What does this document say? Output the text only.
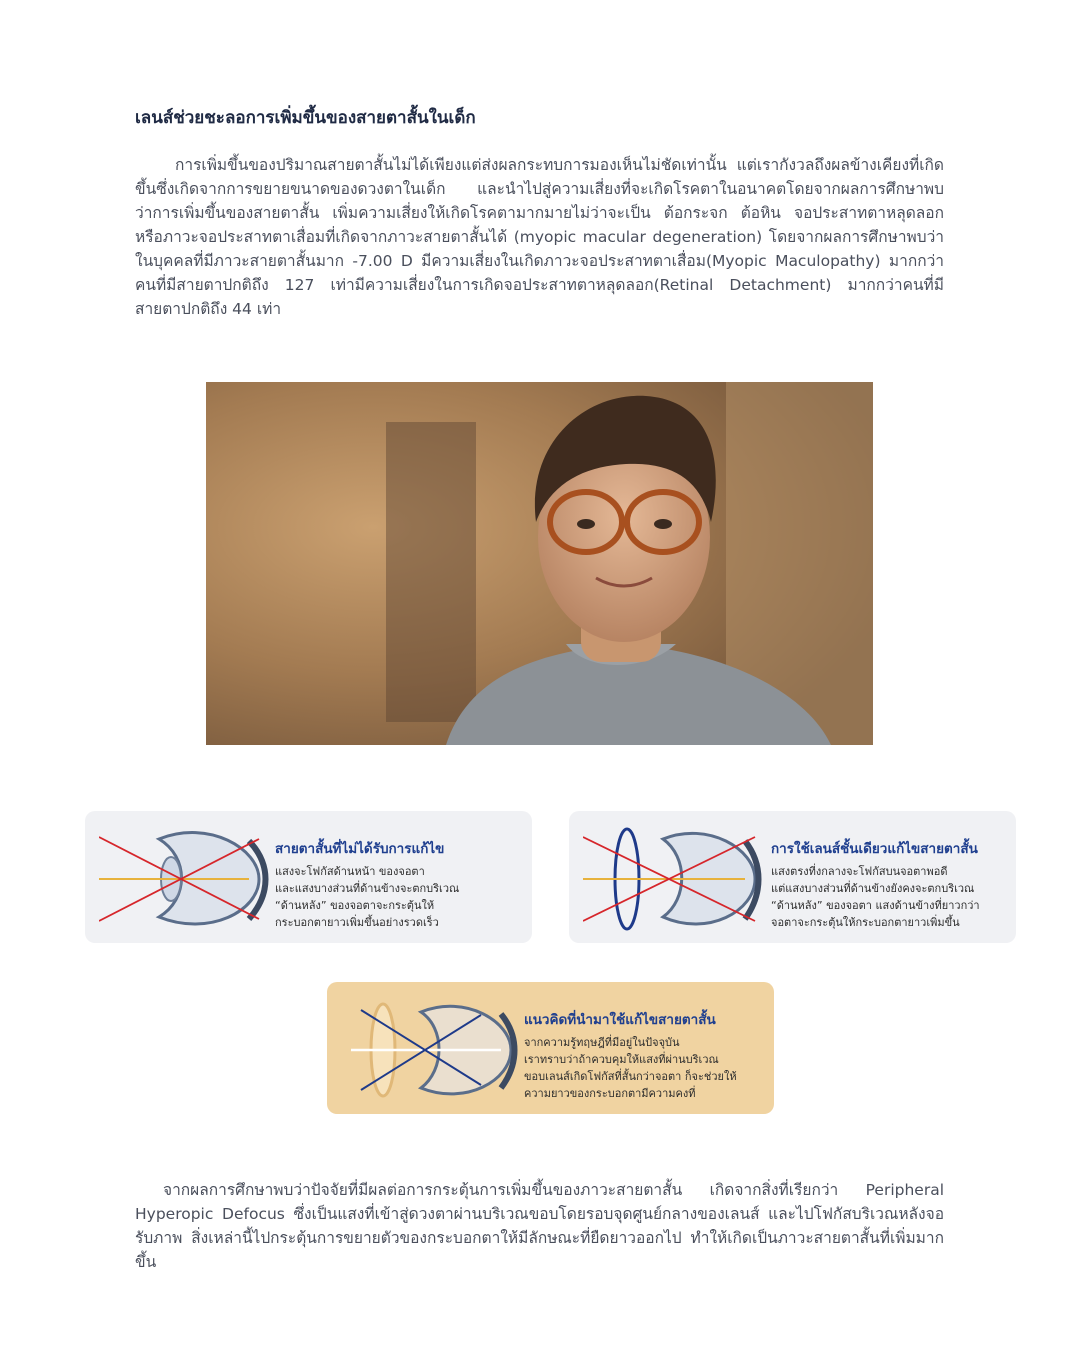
เลนส์ช่วยชะลอการเพิ่มขึ้นของสายตาสั้นในเด็ก

การเพิ่มขึ้นของปริมาณสายตาสั้นไม่ได้เพียงแต่ส่งผลกระทบการมองเห็นไม่ชัดเท่านั้น แต่เรากังวลถึงผลข้างเคียงที่เกิดขึ้นซึ่งเกิดจากการขยายขนาดของดวงตาในเด็ก และนำไปสู่ความเสี่ยงที่จะเกิดโรคตาในอนาคตโดยจากผลการศึกษาพบว่าการเพิ่มขึ้นของสายตาสั้น เพิ่มความเสี่ยงให้เกิดโรคตามากมายไม่ว่าจะเป็น ต้อกระจก ต้อหิน จอประสาทตาหลุดลอก หรือภาวะจอประสาทตาเสื่อมที่เกิดจากภาวะสายตาสั้นได้ (myopic macular degeneration) โดยจากผลการศึกษาพบว่าในบุคคลที่มีภาวะสายตาสั้นมาก -7.00 D มีความเสี่ยงในเกิดภาวะจอประสาทตาเสื่อม(Myopic Maculopathy) มากกว่าคนที่มีสายตาปกติถึง 127 เท่ามีความเสี่ยงในการเกิดจอประสาทตาหลุดลอก(Retinal Detachment) มากกว่าคนที่มีสายตาปกติถึง 44 เท่า

สายตาสั้นที่ไม่ได้รับการแก้ไข
แสงจะโฟกัสด้านหน้า ของจอตา
และแสงบางส่วนที่ด้านข้างจะตกบริเวณ
“ด้านหลัง” ของจอตาจะกระตุ้นให้
กระบอกตายาวเพิ่มขึ้นอย่างรวดเร็ว
การใช้เลนส์ชั้นเดียวแก้ไขสายตาสั้น
แสงตรงที่งกลางจะโฟกัสบนจอตาพอดี
แต่แสงบางส่วนที่ด้านข้างยังคงจะตกบริเวณ
“ด้านหลัง” ของจอตา แสงด้านข้างที่ยาวกว่า
จอตาจะกระตุ้นให้กระบอกตายาวเพิ่มขึ้น
แนวคิดที่นำมาใช้แก้ไขสายตาสั้น
จากความรู้ทฤษฎีที่มีอยู่ในปัจจุบัน
เราทราบว่าถ้าควบคุมให้แสงที่ผ่านบริเวณ
ขอบเลนส์เกิดโฟกัสที่สั้นกว่าจอตา ก็จะช่วยให้
ความยาวของกระบอกตามีความคงที่

จากผลการศึกษาพบว่าปัจจัยที่มีผลต่อการกระตุ้นการเพิ่มขึ้นของภาวะสายตาสั้น เกิดจากสิ่งที่เรียกว่า Peripheral Hyperopic Defocus ซึ่งเป็นแสงที่เข้าสู่ดวงตาผ่านบริเวณขอบโดยรอบจุดศูนย์กลางของเลนส์ และไปโฟกัสบริเวณหลังจอรับภาพ สิ่งเหล่านี้ไปกระตุ้นการขยายตัวของกระบอกตาให้มีลักษณะที่ยืดยาวออกไป ทำให้เกิดเป็นภาวะสายตาสั้นที่เพิ่มมากขึ้น
